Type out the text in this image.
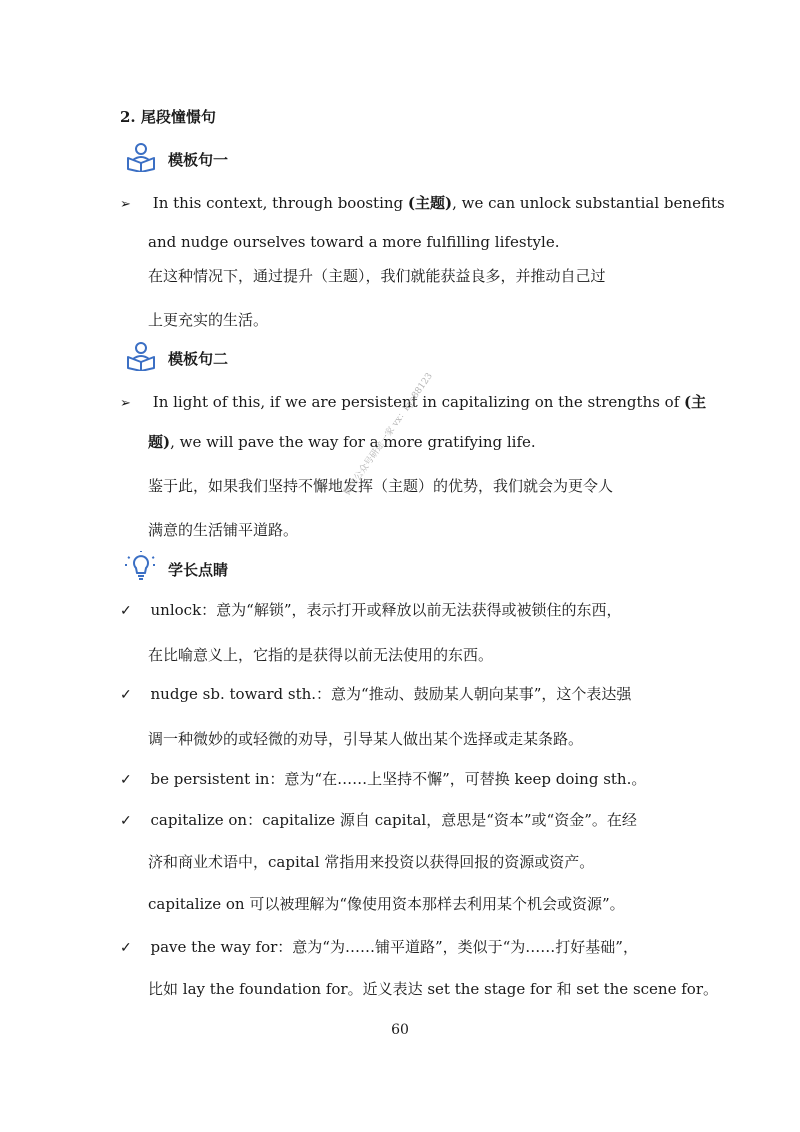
2. 尾段憧憬句
模板句一
➢ In this context, through boosting (主题), we can unlock substantial benefits
and nudge ourselves toward a more fulfilling lifestyle.
在这种情况下，通过提升（主题），我们就能获益良多，并推动自己过
上更充实的生活。
模板句二
➢ In light of this, if we are persistent in capitalizing on the strengths of (主
题), we will pave the way for a more gratifying life.
鉴于此，如果我们坚持不懈地发挥（主题）的优势，我们就会为更令人
满意的生活铺平道路。
学长点睛
✓ unlock：意为“解锁”，表示打开或释放以前无法获得或被锁住的东西，
在比喻意义上，它指的是获得以前无法使用的东西。
✓ nudge sb. toward sth.：意为“推动、鼓励某人朝向某事”，这个表达强
调一种微妙的或轻微的劝导，引导某人做出某个选择或走某条路。
✓ be persistent in：意为“在……上坚持不懈”，可替换 keep doing sth.。
✓ capitalize on：capitalize 源自 capital，意思是“资本”或“资金”。在经
济和商业术语中，capital 常指用来投资以获得回报的资源或资产。
capitalize on 可以被理解为“像使用资本那样去利用某个机会或资源”。
✓ pave the way for：意为“为……铺平道路”，类似于“为……打好基础”，
比如 lay the foundation for。近义表达 set the stage for 和 set the scene for。
微信公众号研途一家 vx：kys88123
60
